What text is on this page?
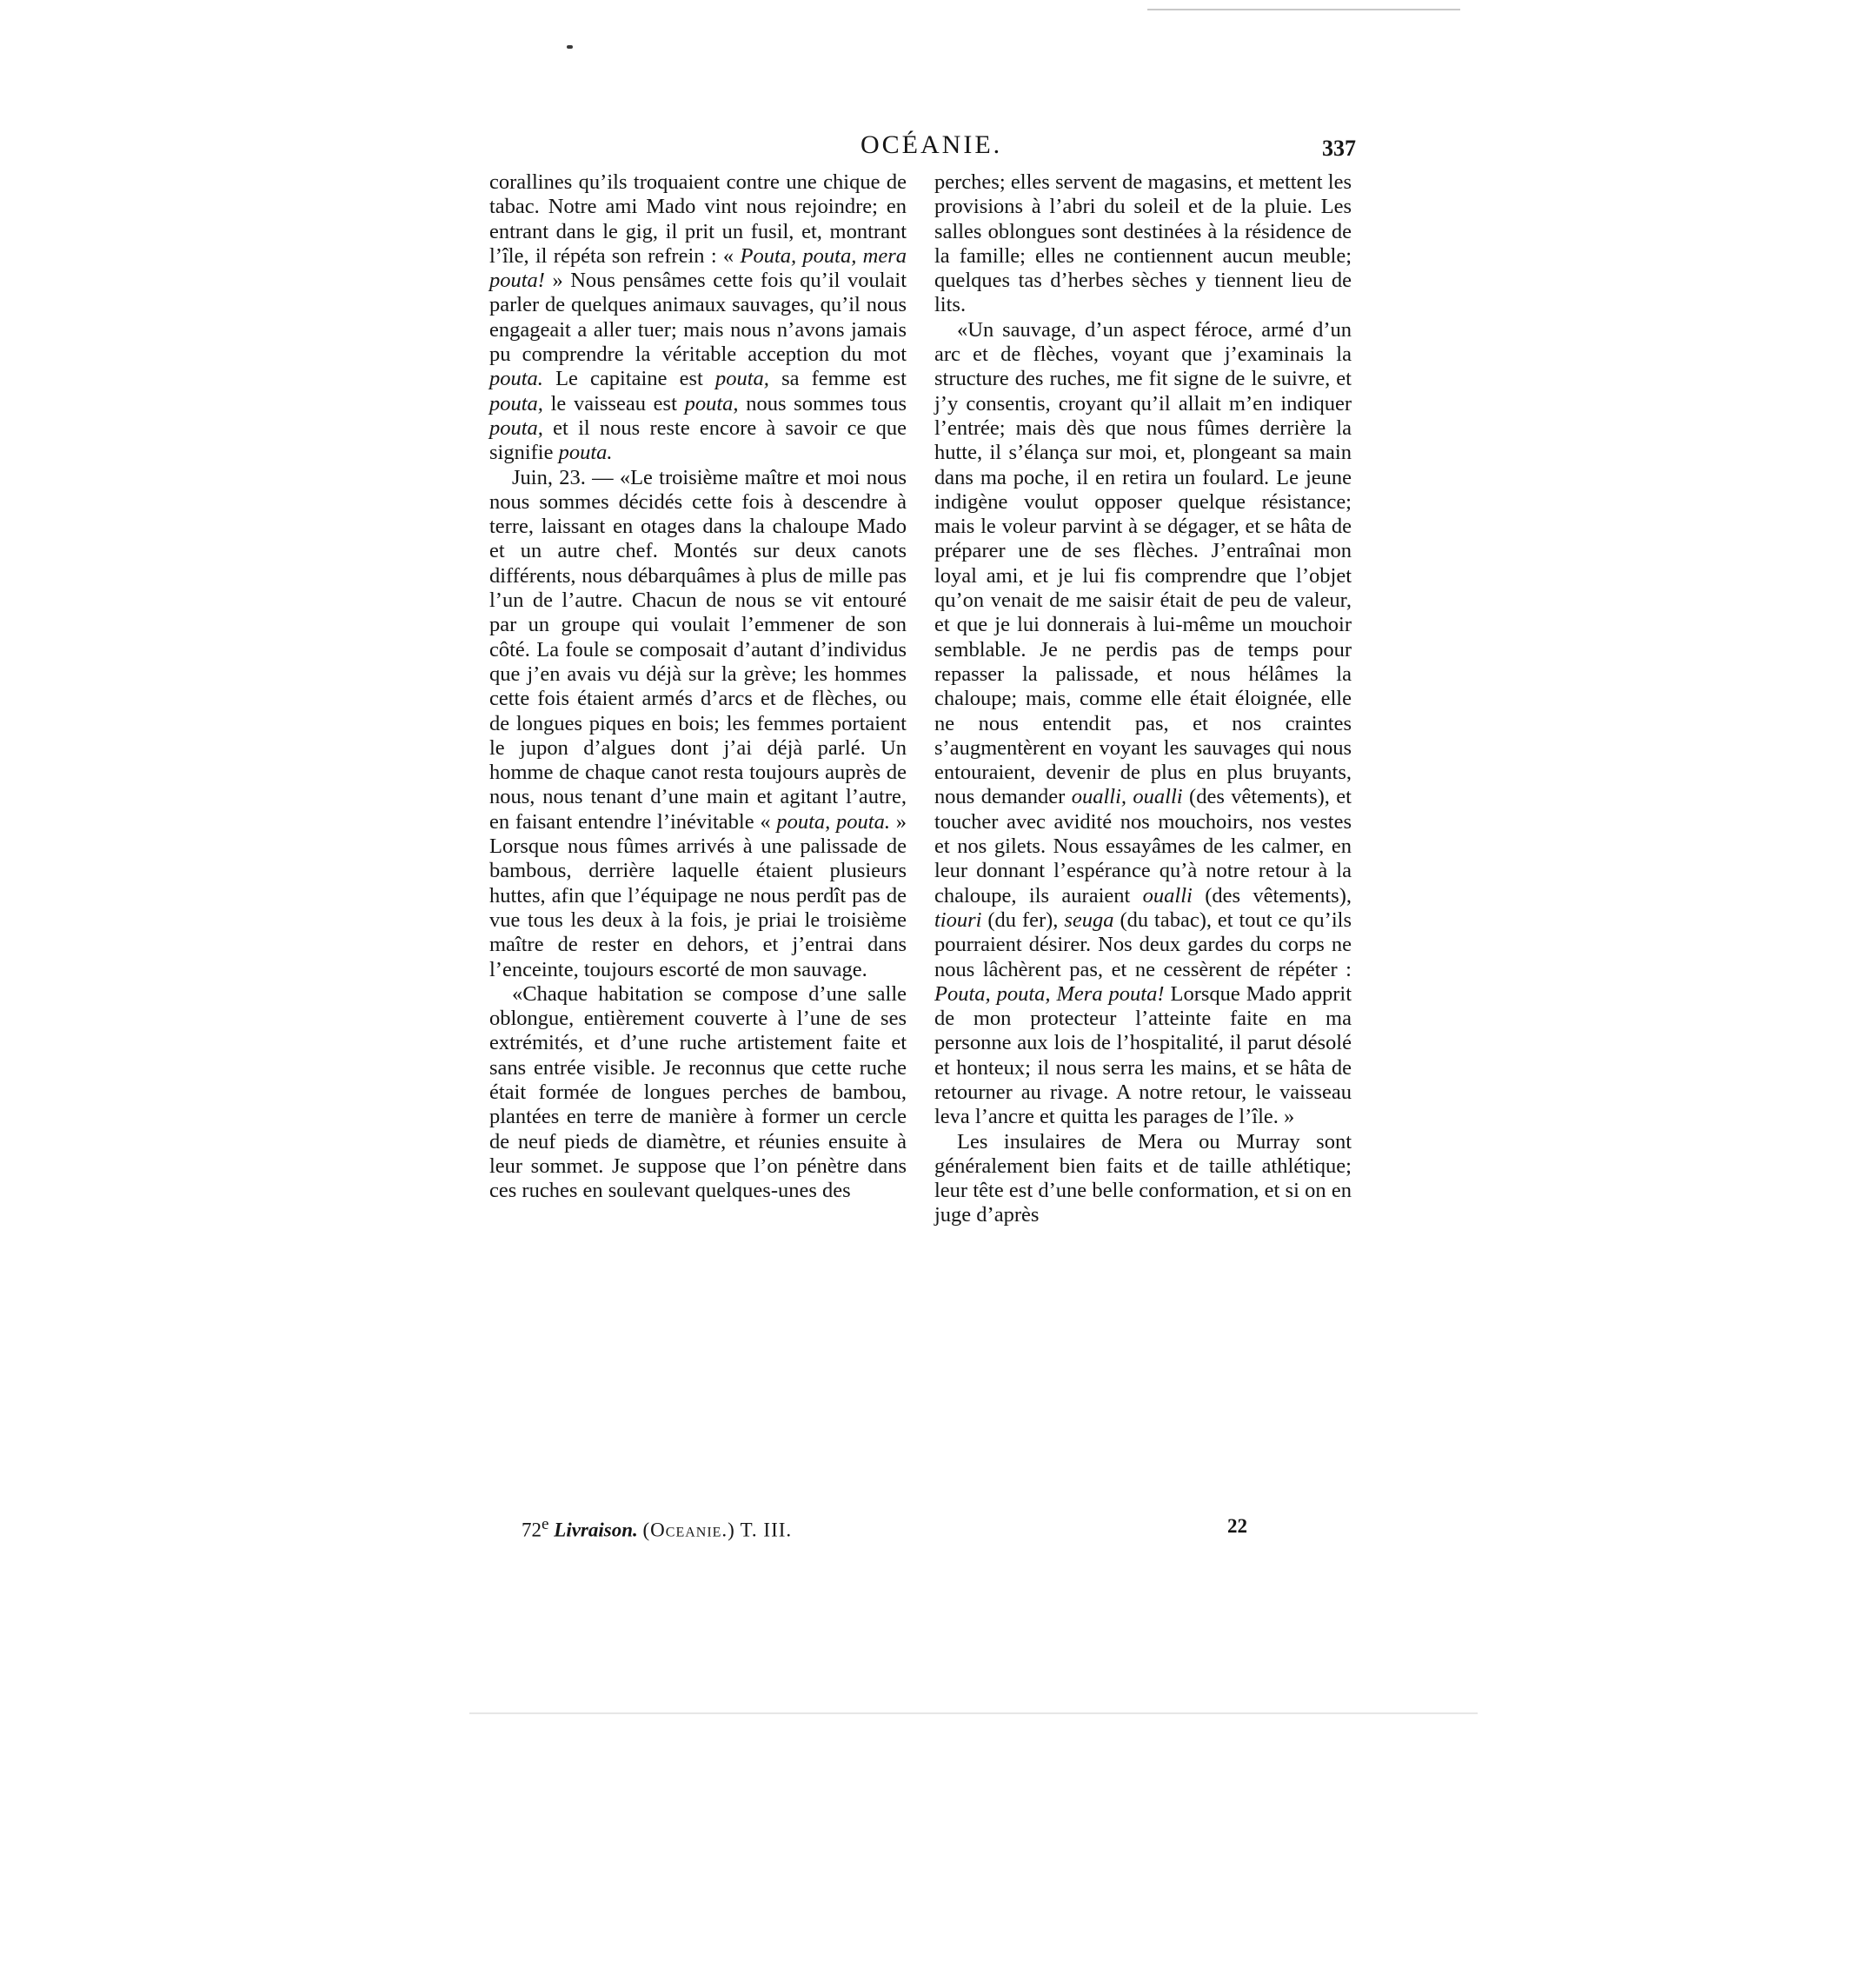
OCÉANIE.	337

corallines qu’ils troquaient contre une chique de tabac. Notre ami Mado vint nous rejoindre; en entrant dans le gig, il prit un fusil, et, montrant l’île, il répéta son refrein : « Pouta, pouta, mera pouta! » Nous pensâmes cette fois qu’il voulait parler de quelques animaux sauvages, qu’il nous engageait a aller tuer; mais nous n’avons jamais pu comprendre la véritable acception du mot pouta. Le capitaine est pouta, sa femme est pouta, le vaisseau est pouta, nous sommes tous pouta, et il nous reste encore à savoir ce que signifie pouta.

Juin, 23. — «Le troisième maître et moi nous nous sommes décidés cette fois à descendre à terre, laissant en otages dans la chaloupe Mado et un autre chef. Montés sur deux canots différents, nous débarquâmes à plus de mille pas l’un de l’autre. Chacun de nous se vit entouré par un groupe qui voulait l’emmener de son côté. La foule se composait d’autant d’individus que j’en avais vu déjà sur la grève; les hommes cette fois étaient armés d’arcs et de flèches, ou de longues piques en bois; les femmes portaient le jupon d’algues dont j’ai déjà parlé. Un homme de chaque canot resta toujours auprès de nous, nous tenant d’une main et agitant l’autre, en faisant entendre l’inévitable « pouta, pouta. » Lorsque nous fûmes arrivés à une palissade de bambous, derrière laquelle étaient plusieurs huttes, afin que l’équipage ne nous perdît pas de vue tous les deux à la fois, je priai le troisième maître de rester en dehors, et j’entrai dans l’enceinte, toujours escorté de mon sauvage.

«Chaque habitation se compose d’une salle oblongue, entièrement couverte à l’une de ses extrémités, et d’une ruche artistement faite et sans entrée visible. Je reconnus que cette ruche était formée de longues perches de bambou, plantées en terre de manière à former un cercle de neuf pieds de diamètre, et réunies ensuite à leur sommet. Je suppose que l’on pénètre dans ces ruches en soulevant quelques-unes des

perches; elles servent de magasins, et mettent les provisions à l’abri du soleil et de la pluie. Les salles oblongues sont destinées à la résidence de la famille; elles ne contiennent aucun meuble; quelques tas d’herbes sèches y tiennent lieu de lits.

«Un sauvage, d’un aspect féroce, armé d’un arc et de flèches, voyant que j’examinais la structure des ruches, me fit signe de le suivre, et j’y consentis, croyant qu’il allait m’en indiquer l’entrée; mais dès que nous fûmes derrière la hutte, il s’élança sur moi, et, plongeant sa main dans ma poche, il en retira un foulard. Le jeune indigène voulut opposer quelque résistance; mais le voleur parvint à se dégager, et se hâta de préparer une de ses flèches. J’entraînai mon loyal ami, et je lui fis comprendre que l’objet qu’on venait de me saisir était de peu de valeur, et que je lui donnerais à lui-même un mouchoir semblable. Je ne perdis pas de temps pour repasser la palissade, et nous hélâmes la chaloupe; mais, comme elle était éloignée, elle ne nous entendit pas, et nos craintes s’augmentèrent en voyant les sauvages qui nous entouraient, devenir de plus en plus bruyants, nous demander oualli, oualli (des vêtements), et toucher avec avidité nos mouchoirs, nos vestes et nos gilets. Nous essayâmes de les calmer, en leur donnant l’espérance qu’à notre retour à la chaloupe, ils auraient oualli (des vêtements), tiouri (du fer), seuga (du tabac), et tout ce qu’ils pourraient désirer. Nos deux gardes du corps ne nous lâchèrent pas, et ne cessèrent de répéter : Pouta, pouta, Mera pouta! Lorsque Mado apprit de mon protecteur l’atteinte faite en ma personne aux lois de l’hospitalité, il parut désolé et honteux; il nous serra les mains, et se hâta de retourner au rivage. A notre retour, le vaisseau leva l’ancre et quitta les parages de l’île. »

Les insulaires de Mera ou Murray sont généralement bien faits et de taille athlétique; leur tête est d’une belle conformation, et si on en juge d’après

72e Livraison. (Oceanie.) T. III.	22
